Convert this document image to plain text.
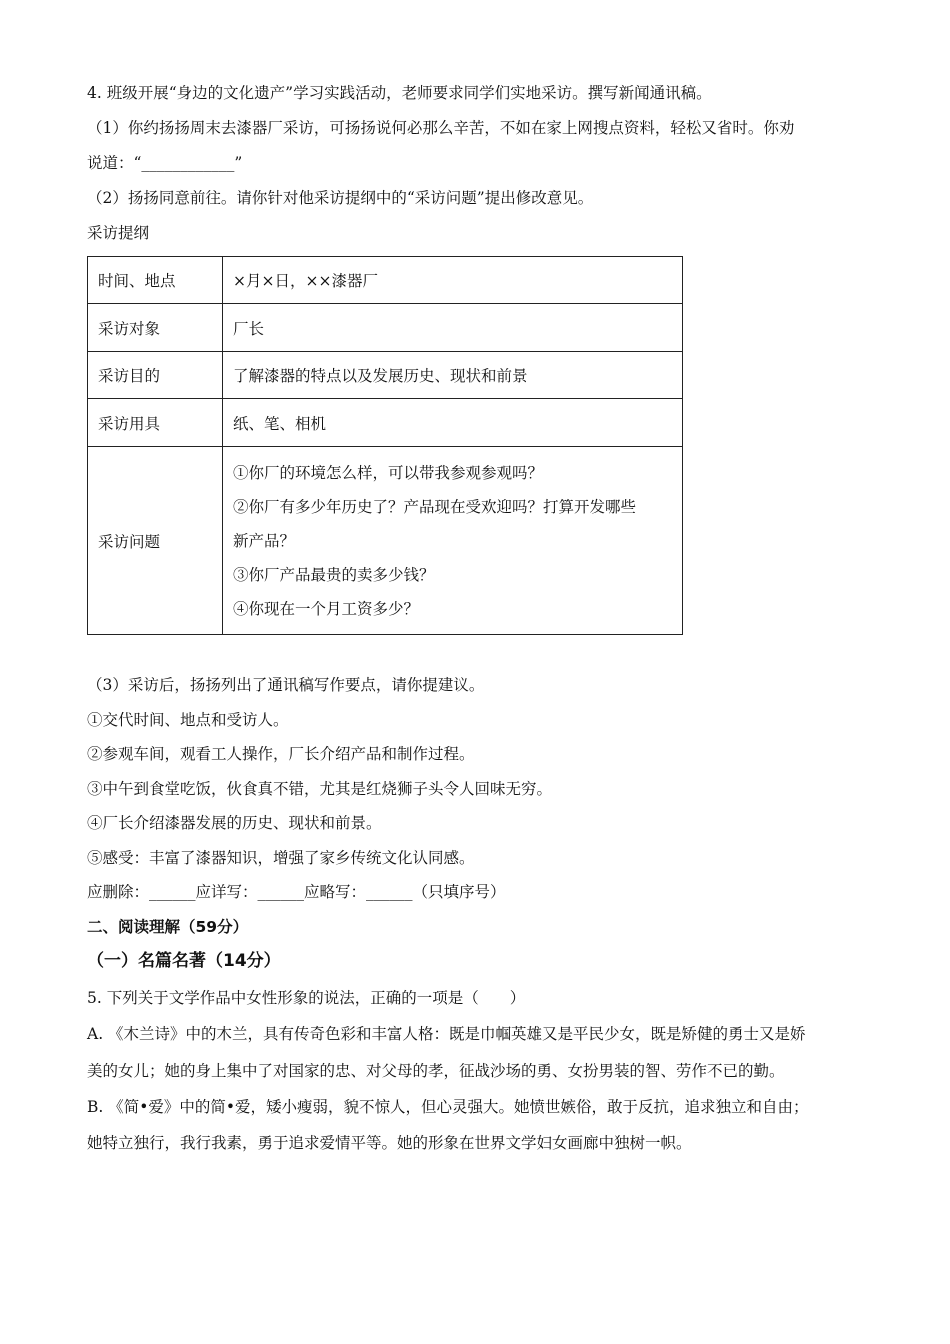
4. 班级开展“身边的文化遗产”学习实践活动，老师要求同学们实地采访。撰写新闻通讯稿。
（1）你约扬扬周末去漆器厂采访，可扬扬说何必那么辛苦，不如在家上网搜点资料，轻松又省时。你劝
说道：“____________”
（2）扬扬同意前往。请你针对他采访提纲中的“采访问题”提出修改意见。
采访提纲
时间、地点	×月×日，××漆器厂
采访对象	厂长
采访目的	了解漆器的特点以及发展历史、现状和前景
采访用具	纸、笔、相机
采访问题	①你厂的环境怎么样，可以带我参观参观吗？
②你厂有多少年历史了？产品现在受欢迎吗？打算开发哪些
新产品？
③你厂产品最贵的卖多少钱？
④你现在一个月工资多少？
（3）采访后，扬扬列出了通讯稿写作要点，请你提建议。
①交代时间、地点和受访人。
②参观车间，观看工人操作，厂长介绍产品和制作过程。
③中午到食堂吃饭，伙食真不错，尤其是红烧狮子头令人回味无穷。
④厂长介绍漆器发展的历史、现状和前景。
⑤感受：丰富了漆器知识，增强了家乡传统文化认同感。
应删除：______应详写：______应略写：______（只填序号）
二、阅读理解（59分）
（一）名篇名著（14分）
5. 下列关于文学作品中女性形象的说法，正确的一项是（　　）
A. 《木兰诗》中的木兰，具有传奇色彩和丰富人格：既是巾帼英雄又是平民少女，既是矫健的勇士又是娇
美的女儿；她的身上集中了对国家的忠、对父母的孝，征战沙场的勇、女扮男装的智、劳作不已的勤。
B. 《简•爱》中的简•爱，矮小瘦弱，貌不惊人，但心灵强大。她愤世嫉俗，敢于反抗，追求独立和自由；
她特立独行，我行我素，勇于追求爱情平等。她的形象在世界文学妇女画廊中独树一帜。
